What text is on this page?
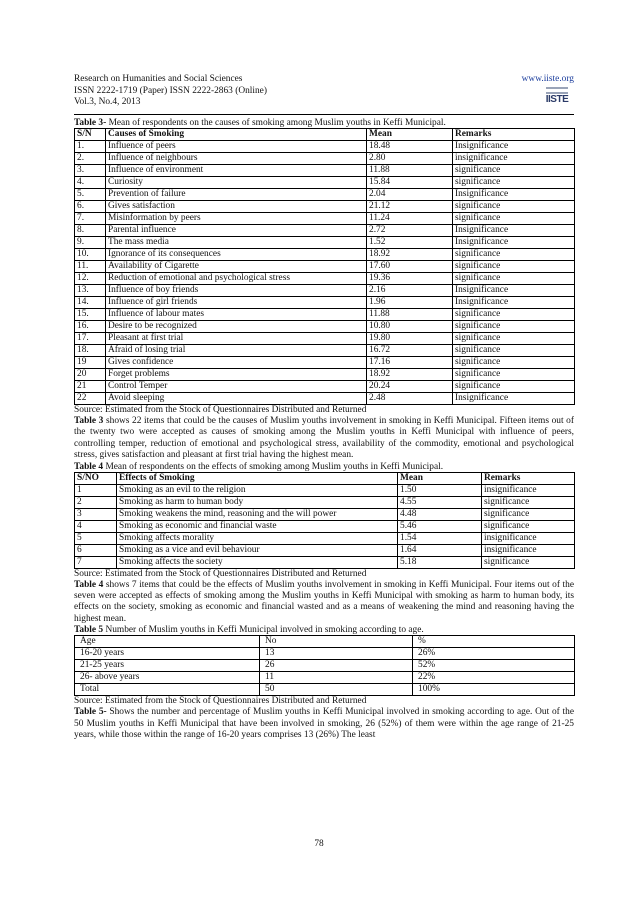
Research on Humanities and Social Sciences
ISSN 2222-1719 (Paper) ISSN 2222-2863 (Online)
Vol.3, No.4, 2013
www.iiste.org
IISTE
Table 3- Mean of respondents on the causes of smoking among Muslim youths in Keffi Municipal.
S/N	Causes of Smoking	Mean	Remarks
1.	Influence of peers	18.48	Insignificance
2.	Influence of neighbours	2.80	insignificance
3.	Influence of environment	11.88	significance
4.	Curiosity	15.84	significance
5.	Prevention of failure	2.04	Insignificance
6.	Gives satisfaction	21.12	significance
7.	Misinformation by peers	11.24	significance
8.	Parental influence	2.72	Insignificance
9.	The mass media	1.52	Insignificance
10.	Ignorance of its consequences	18.92	significance
11.	Availability of Cigarette	17.60	significance
12.	Reduction of emotional and psychological stress	19.36	significance
13.	Influence of boy friends	2.16	Insignificance
14.	Influence of girl friends	1.96	Insignificance
15.	Influence of labour mates	11.88	significance
16.	Desire to be recognized	10.80	significance
17.	Pleasant at first trial	19.80	significance
18.	Afraid of losing trial	16.72	significance
19	Gives confidence	17.16	significance
20	Forget problems	18.92	significance
21	Control Temper	20.24	significance
22	Avoid sleeping	2.48	Insignificance
Source: Estimated from the Stock of Questionnaires Distributed and Returned

Table 3 shows 22 items that could be the causes of Muslim youths involvement in smoking in Keffi Municipal. Fifteen items out of the twenty two were accepted as causes of smoking among the Muslim youths in Keffi Municipal with influence of peers, controlling temper, reduction of emotional and psychological stress, availability of the commodity, emotional and psychological stress, gives satisfaction and pleasant at first trial having the highest mean.

Table 4 Mean of respondents on the effects of smoking among Muslim youths in Keffi Municipal.
S/NO	Effects of Smoking	Mean	Remarks
1	Smoking as an evil to the religion	1.50	insignificance
2	Smoking as harm to human body	4.55	significance
3	Smoking weakens the mind, reasoning and the will power	4.48	significance
4	Smoking as economic and financial waste	5.46	significance
5	Smoking affects morality	1.54	insignificance
6	Smoking as a vice and evil behaviour	1.64	insignificance
7	Smoking affects the society	5.18	significance
Source: Estimated from the Stock of Questionnaires Distributed and Returned

Table 4 shows 7 items that could be the effects of Muslim youths involvement in smoking in Keffi Municipal. Four items out of the seven were accepted as effects of smoking among the Muslim youths in Keffi Municipal with smoking as harm to human body, its effects on the society, smoking as economic and financial wasted and as a means of weakening the mind and reasoning having the highest mean.

Table 5 Number of Muslim youths in Keffi Municipal involved in smoking according to age.
Age	No	%
16-20 years	13	26%
21-25 years	26	52%
26- above years	11	22%
Total	50	100%
Source: Estimated from the Stock of Questionnaires Distributed and Returned

Table 5- Shows the number and percentage of Muslim youths in Keffi Municipal involved in smoking according to age. Out of the 50 Muslim youths in Keffi Municipal that have been involved in smoking, 26 (52%) of them were within the age range of 21-25 years, while those within the range of 16-20 years comprises 13 (26%) The least

78
